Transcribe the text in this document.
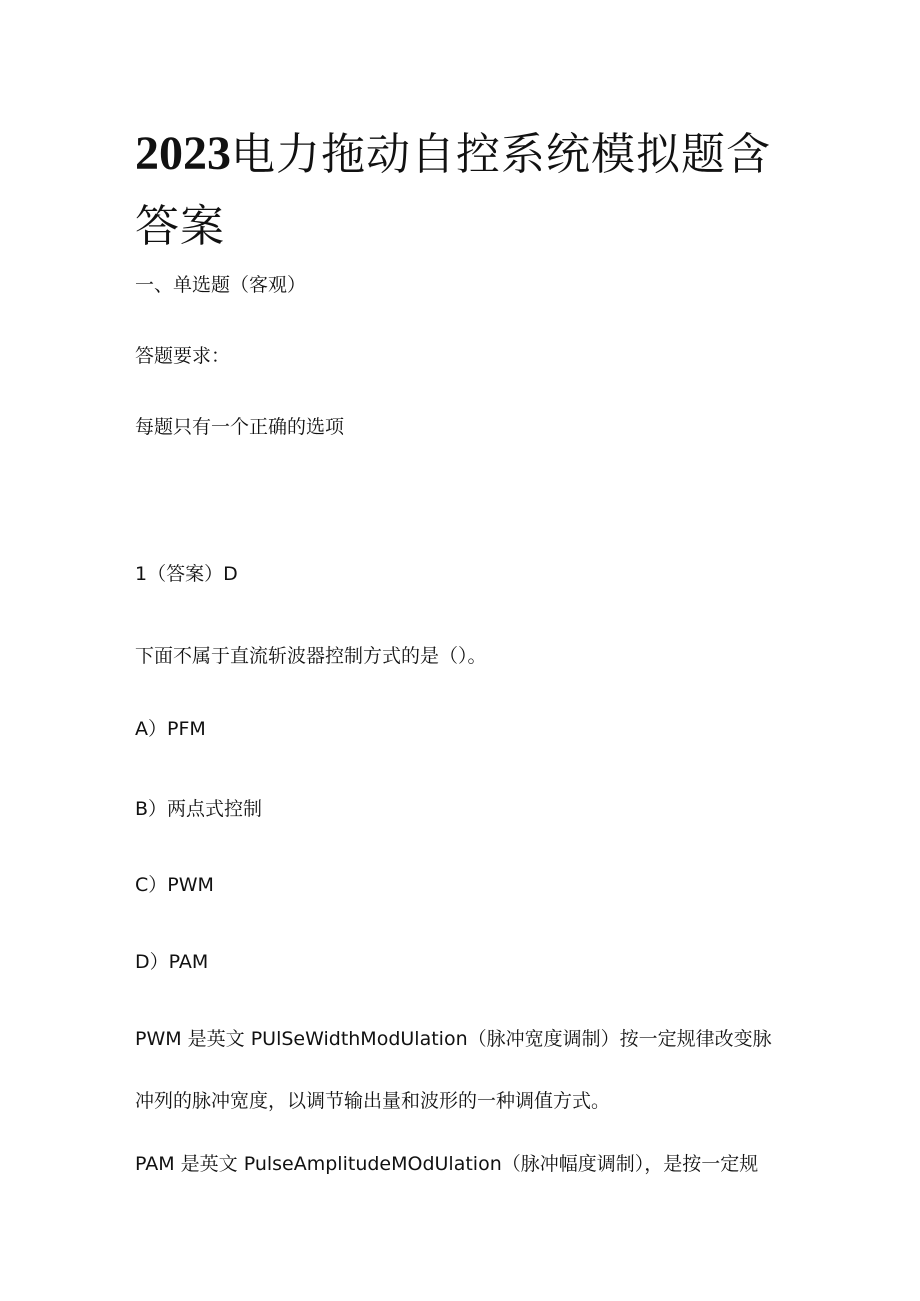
2023电力拖动自控系统模拟题含答案

一、单选题（客观）

答题要求：

每题只有一个正确的选项

1（答案）D

下面不属于直流斩波器控制方式的是（）。

A）PFM

B）两点式控制

C）PWM

D）PAM

PWM 是英文 PUlSeWidthModUlation（脉冲宽度调制）按一定规律改变脉
冲列的脉冲宽度，以调节输出量和波形的一种调值方式。
PAM 是英文 PulseAmplitudeMOdUlation（脉冲幅度调制），是按一定规
